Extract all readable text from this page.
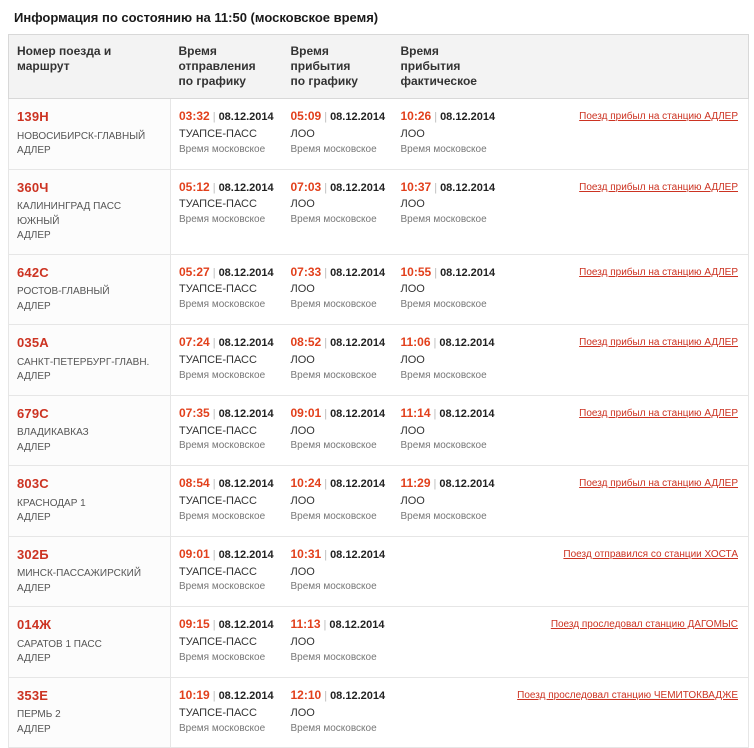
Информация по состоянию на 11:50 (московское время)
Номер поезда и маршрут

Время отправления
по графику

Время прибытия
по графику

Время прибытия
фактическое

139Н
НОВОСИБИРСК-ГЛАВНЫЙ
АДЛЕР

03:32 | 08.12.2014
ТУАПСЕ-ПАСС
Время московское

05:09 | 08.12.2014
ЛОО
Время московское

10:26 | 08.12.2014
ЛОО
Время московское
	Поезд прибыл на станцию АДЛЕР

360Ч
КАЛИНИНГРАД ПАСС ЮЖНЫЙ
АДЛЕР

05:12 | 08.12.2014
ТУАПСЕ-ПАСС
Время московское

07:03 | 08.12.2014
ЛОО
Время московское

10:37 | 08.12.2014
ЛОО
Время московское
	Поезд прибыл на станцию АДЛЕР

642С
РОСТОВ-ГЛАВНЫЙ
АДЛЕР

05:27 | 08.12.2014
ТУАПСЕ-ПАСС
Время московское

07:33 | 08.12.2014
ЛОО
Время московское

10:55 | 08.12.2014
ЛОО
Время московское
	Поезд прибыл на станцию АДЛЕР

035А
САНКТ-ПЕТЕРБУРГ-ГЛАВН.
АДЛЕР

07:24 | 08.12.2014
ТУАПСЕ-ПАСС
Время московское

08:52 | 08.12.2014
ЛОО
Время московское

11:06 | 08.12.2014
ЛОО
Время московское
	Поезд прибыл на станцию АДЛЕР

679С
ВЛАДИКАВКАЗ
АДЛЕР

07:35 | 08.12.2014
ТУАПСЕ-ПАСС
Время московское

09:01 | 08.12.2014
ЛОО
Время московское

11:14 | 08.12.2014
ЛОО
Время московское
	Поезд прибыл на станцию АДЛЕР

803С
КРАСНОДАР 1
АДЛЕР

08:54 | 08.12.2014
ТУАПСЕ-ПАСС
Время московское

10:24 | 08.12.2014
ЛОО
Время московское

11:29 | 08.12.2014
ЛОО
Время московское
	Поезд прибыл на станцию АДЛЕР

302Б
МИНСК-ПАССАЖИРСКИЙ
АДЛЕР

09:01 | 08.12.2014
ТУАПСЕ-ПАСС
Время московское

10:31 | 08.12.2014
ЛОО
Время московское

	Поезд отправился со станции ХОСТА

014Ж
САРАТОВ 1 ПАСС
АДЛЕР

09:15 | 08.12.2014
ТУАПСЕ-ПАСС
Время московское

11:13 | 08.12.2014
ЛОО
Время московское

	Поезд проследовал станцию ДАГОМЫС

353Е
ПЕРМЬ 2
АДЛЕР

10:19 | 08.12.2014
ТУАПСЕ-ПАСС
Время московское

12:10 | 08.12.2014
ЛОО
Время московское

	Поезд проследовал станцию ЧЕМИТОКВАДЖЕ
